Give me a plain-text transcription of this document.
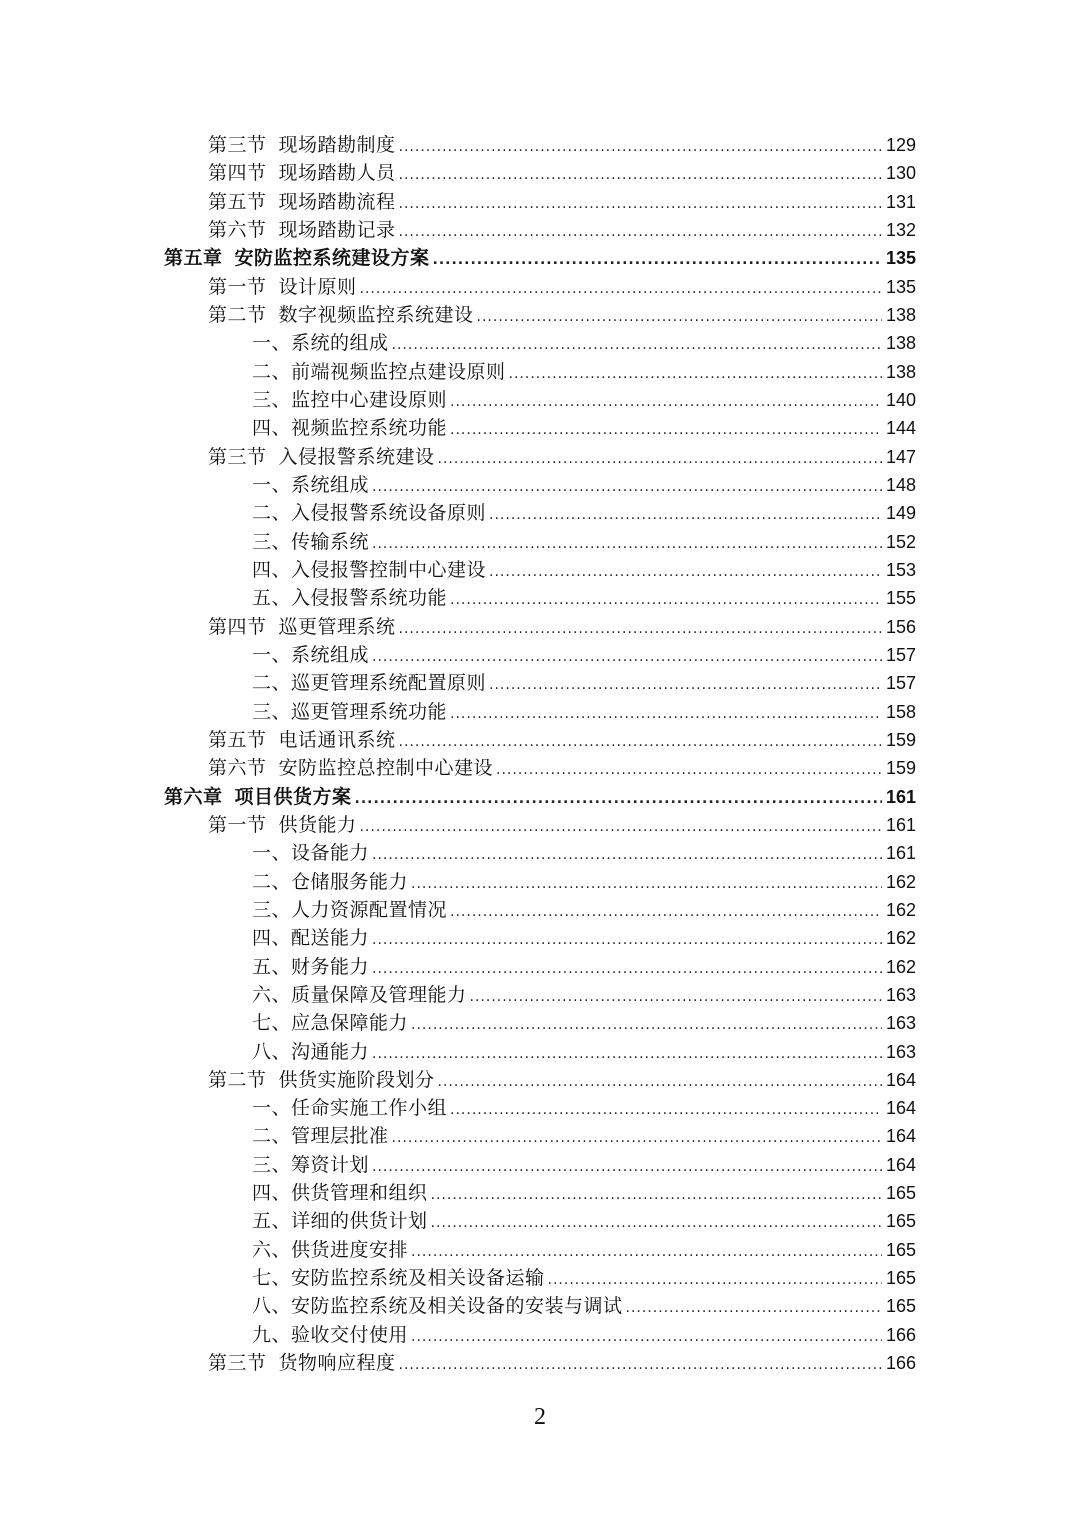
第三节 现场踏勘制度 .....	129
第四节 现场踏勘人员 .....	130
第五节 现场踏勘流程 .....	131
第六节 现场踏勘记录 .....	132
第五章 安防监控系统建设方案 .....	135
第一节 设计原则 .....	135
第二节 数字视频监控系统建设 .....	138
一、系统的组成 .....	138
二、前端视频监控点建设原则 .....	138
三、监控中心建设原则 .....	140
四、视频监控系统功能 .....	144
第三节 入侵报警系统建设 .....	147
一、系统组成 .....	148
二、入侵报警系统设备原则 .....	149
三、传输系统 .....	152
四、入侵报警控制中心建设 .....	153
五、入侵报警系统功能 .....	155
第四节 巡更管理系统 .....	156
一、系统组成 .....	157
二、巡更管理系统配置原则 .....	157
三、巡更管理系统功能 .....	158
第五节 电话通讯系统 .....	159
第六节 安防监控总控制中心建设 .....	159
第六章 项目供货方案 .....	161
第一节 供货能力 .....	161
一、设备能力 .....	161
二、仓储服务能力 .....	162
三、人力资源配置情况 .....	162
四、配送能力 .....	162
五、财务能力 .....	162
六、质量保障及管理能力 .....	163
七、应急保障能力 .....	163
八、沟通能力 .....	163
第二节 供货实施阶段划分 .....	164
一、任命实施工作小组 .....	164
二、管理层批准 .....	164
三、筹资计划 .....	164
四、供货管理和组织 .....	165
五、详细的供货计划 .....	165
六、供货进度安排 .....	165
七、安防监控系统及相关设备运输 .....	165
八、安防监控系统及相关设备的安装与调试 .....	165
九、验收交付使用 .....	166
第三节 货物响应程度 .....	166
2
